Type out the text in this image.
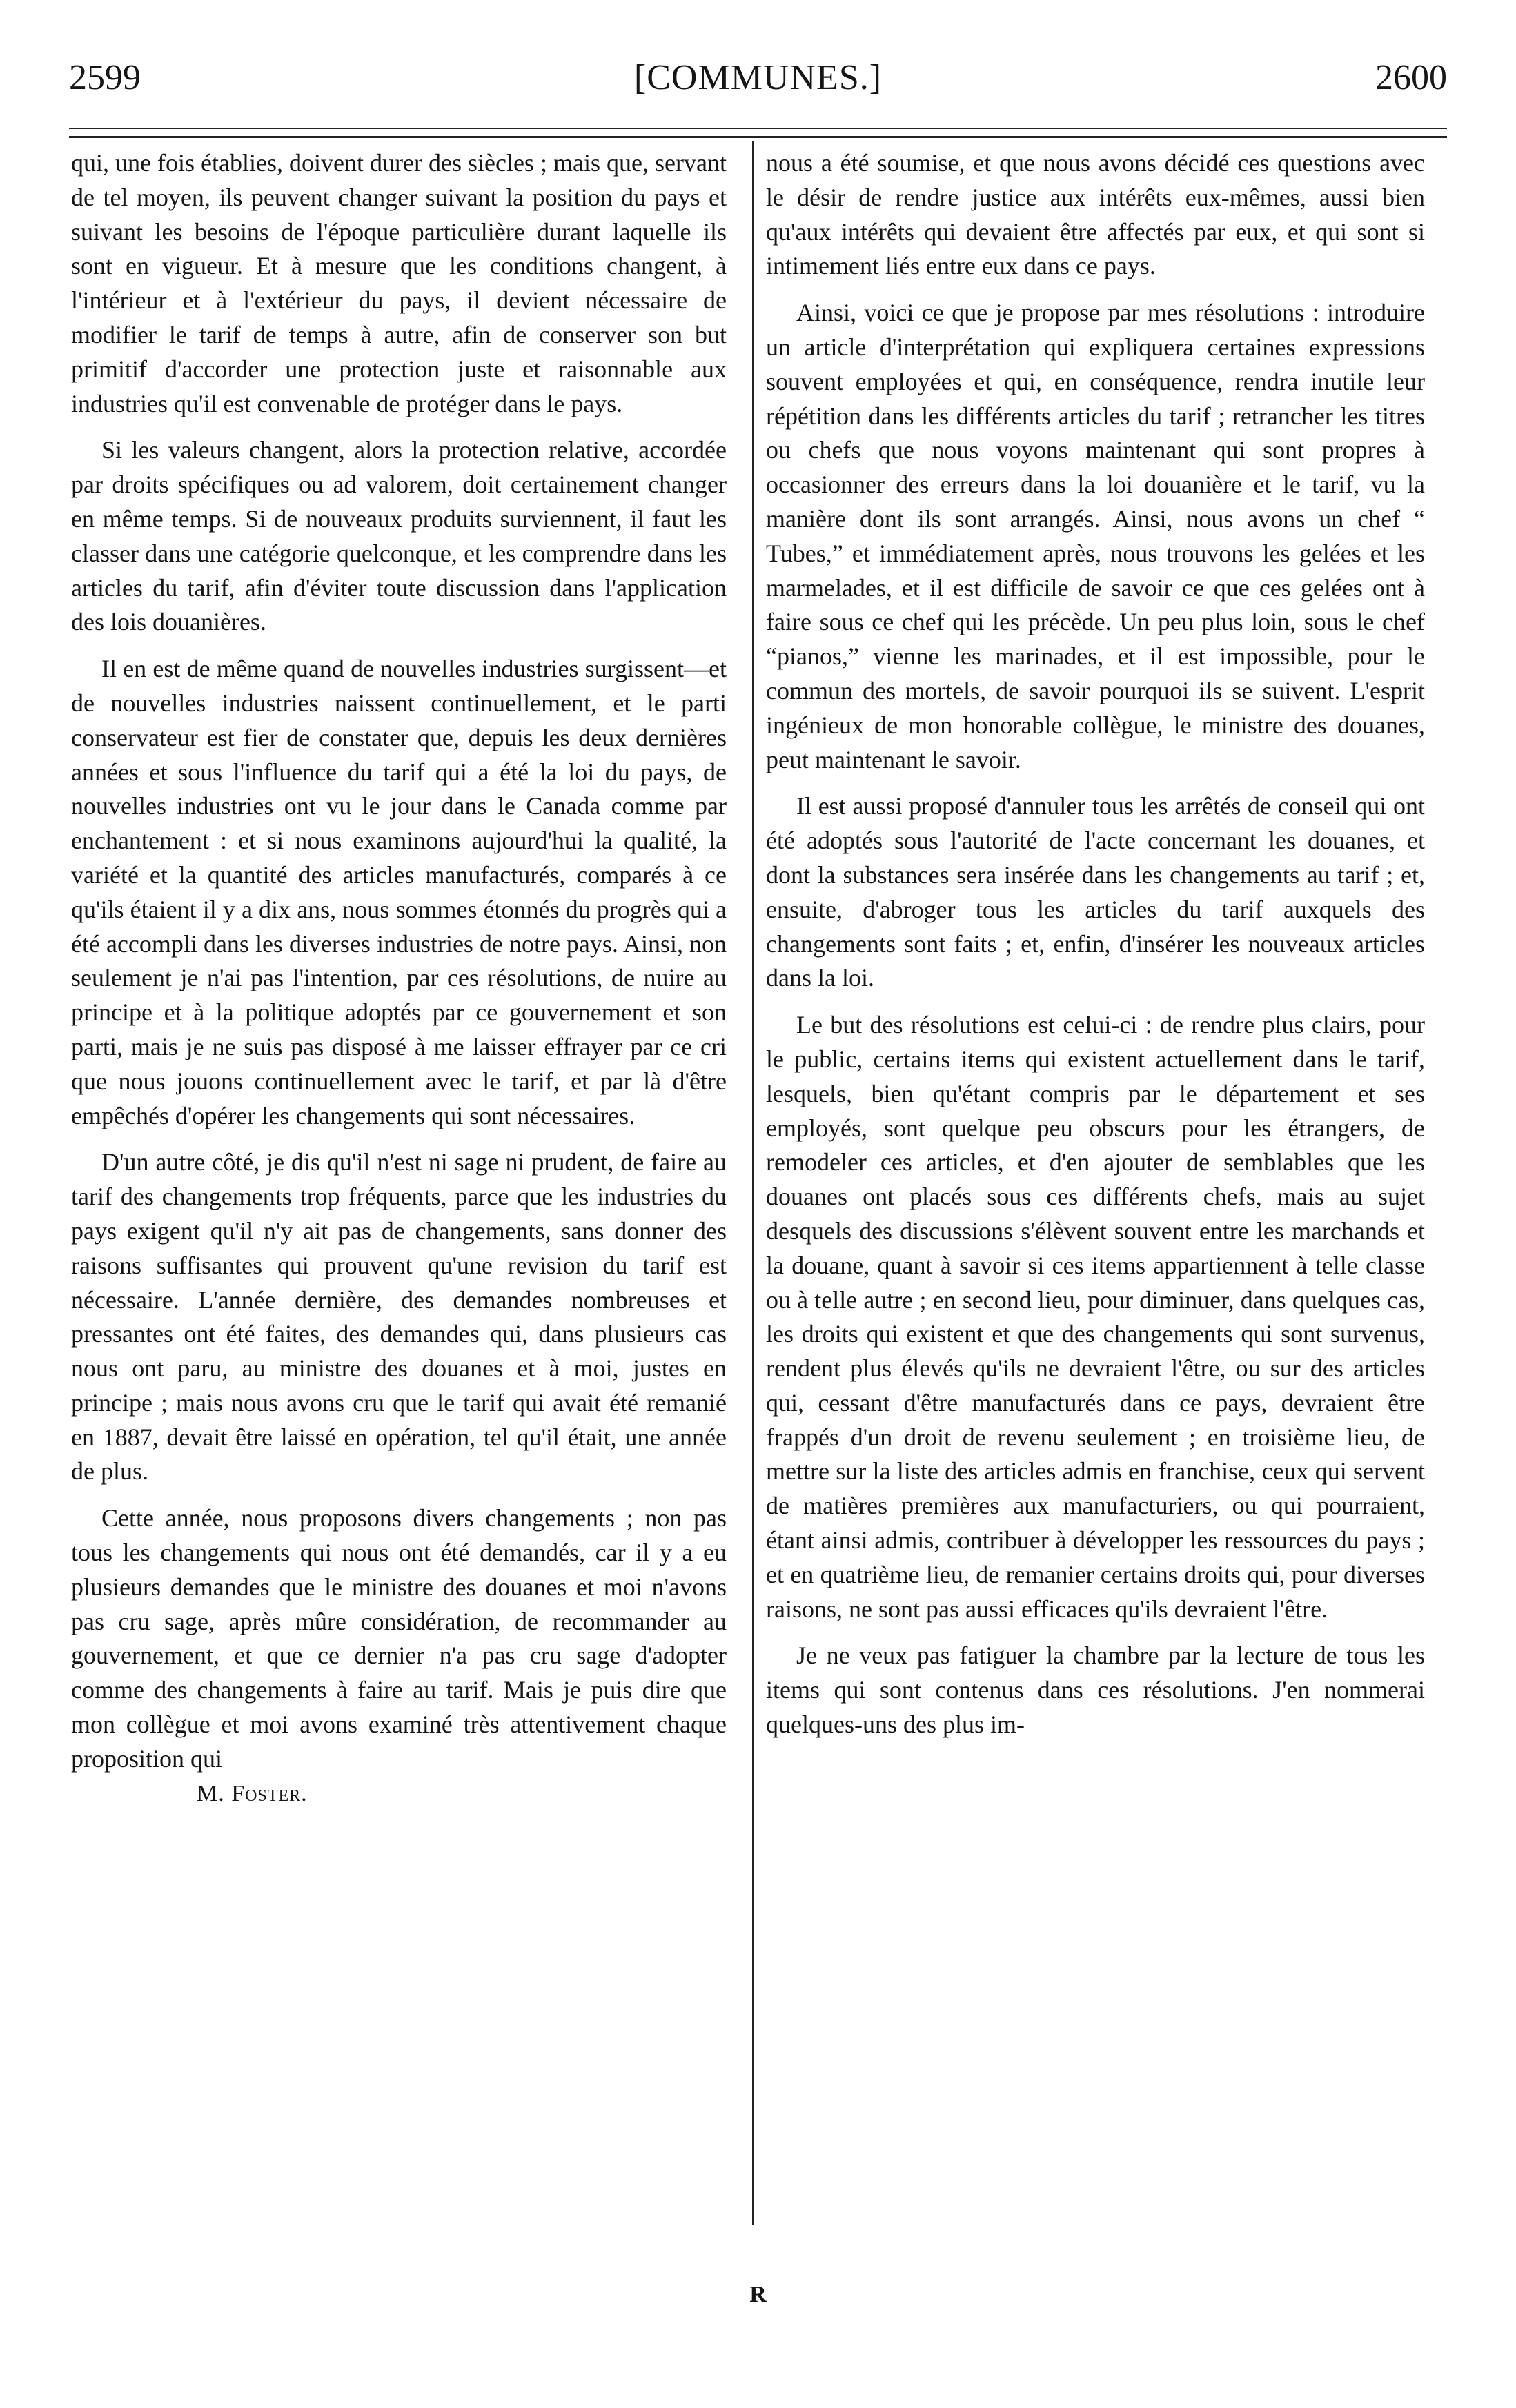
2599	[COMMUNES.]	2600

qui, une fois établies, doivent durer des siècles ; mais que, servant de tel moyen, ils peuvent changer suivant la position du pays et suivant les besoins de l'époque particulière durant laquelle ils sont en vigueur. Et à mesure que les conditions changent, à l'intérieur et à l'extérieur du pays, il devient nécessaire de modifier le tarif de temps à autre, afin de conserver son but primitif d'accorder une protection juste et raisonnable aux industries qu'il est convenable de protéger dans le pays.

Si les valeurs changent, alors la protection relative, accordée par droits spécifiques ou ad valorem, doit certainement changer en même temps. Si de nouveaux produits surviennent, il faut les classer dans une catégorie quelconque, et les comprendre dans les articles du tarif, afin d'éviter toute discussion dans l'application des lois douanières.

Il en est de même quand de nouvelles industries surgissent—et de nouvelles industries naissent continuellement, et le parti conservateur est fier de constater que, depuis les deux dernières années et sous l'influence du tarif qui a été la loi du pays, de nouvelles industries ont vu le jour dans le Canada comme par enchantement : et si nous examinons aujourd'hui la qualité, la variété et la quantité des articles manufacturés, comparés à ce qu'ils étaient il y a dix ans, nous sommes étonnés du progrès qui a été accompli dans les diverses industries de notre pays. Ainsi, non seulement je n'ai pas l'intention, par ces résolutions, de nuire au principe et à la politique adoptés par ce gouvernement et son parti, mais je ne suis pas disposé à me laisser effrayer par ce cri que nous jouons continuellement avec le tarif, et par là d'être empêchés d'opérer les changements qui sont nécessaires.

D'un autre côté, je dis qu'il n'est ni sage ni prudent, de faire au tarif des changements trop fréquents, parce que les industries du pays exigent qu'il n'y ait pas de changements, sans donner des raisons suffisantes qui prouvent qu'une revision du tarif est nécessaire. L'année dernière, des demandes nombreuses et pressantes ont été faites, des demandes qui, dans plusieurs cas nous ont paru, au ministre des douanes et à moi, justes en principe ; mais nous avons cru que le tarif qui avait été remanié en 1887, devait être laissé en opération, tel qu'il était, une année de plus.

Cette année, nous proposons divers changements ; non pas tous les changements qui nous ont été demandés, car il y a eu plusieurs demandes que le ministre des douanes et moi n'avons pas cru sage, après mûre considération, de recommander au gouvernement, et que ce dernier n'a pas cru sage d'adopter comme des changements à faire au tarif. Mais je puis dire que mon collègue et moi avons examiné très attentivement chaque proposition qui

M. Foster.

nous a été soumise, et que nous avons décidé ces questions avec le désir de rendre justice aux intérêts eux-mêmes, aussi bien qu'aux intérêts qui devaient être affectés par eux, et qui sont si intimement liés entre eux dans ce pays.

Ainsi, voici ce que je propose par mes résolutions : introduire un article d'interprétation qui expliquera certaines expressions souvent employées et qui, en conséquence, rendra inutile leur répétition dans les différents articles du tarif ; retrancher les titres ou chefs que nous voyons maintenant qui sont propres à occasionner des erreurs dans la loi douanière et le tarif, vu la manière dont ils sont arrangés. Ainsi, nous avons un chef “ Tubes,” et immédiatement après, nous trouvons les gelées et les marmelades, et il est difficile de savoir ce que ces gelées ont à faire sous ce chef qui les précède. Un peu plus loin, sous le chef “pianos,” vienne les marinades, et il est impossible, pour le commun des mortels, de savoir pourquoi ils se suivent. L'esprit ingénieux de mon honorable collègue, le ministre des douanes, peut maintenant le savoir.

Il est aussi proposé d'annuler tous les arrêtés de conseil qui ont été adoptés sous l'autorité de l'acte concernant les douanes, et dont la substances sera insérée dans les changements au tarif ; et, ensuite, d'abroger tous les articles du tarif auxquels des changements sont faits ; et, enfin, d'insérer les nouveaux articles dans la loi.

Le but des résolutions est celui-ci : de rendre plus clairs, pour le public, certains items qui existent actuellement dans le tarif, lesquels, bien qu'étant compris par le département et ses employés, sont quelque peu obscurs pour les étrangers, de remodeler ces articles, et d'en ajouter de semblables que les douanes ont placés sous ces différents chefs, mais au sujet desquels des discussions s'élèvent souvent entre les marchands et la douane, quant à savoir si ces items appartiennent à telle classe ou à telle autre ; en second lieu, pour diminuer, dans quelques cas, les droits qui existent et que des changements qui sont survenus, rendent plus élevés qu'ils ne devraient l'être, ou sur des articles qui, cessant d'être manufacturés dans ce pays, devraient être frappés d'un droit de revenu seulement ; en troisième lieu, de mettre sur la liste des articles admis en franchise, ceux qui servent de matières premières aux manufacturiers, ou qui pourraient, étant ainsi admis, contribuer à développer les ressources du pays ; et en quatrième lieu, de remanier certains droits qui, pour diverses raisons, ne sont pas aussi efficaces qu'ils devraient l'être.

Je ne veux pas fatiguer la chambre par la lecture de tous les items qui sont contenus dans ces résolutions. J'en nommerai quelques-uns des plus im-

R
